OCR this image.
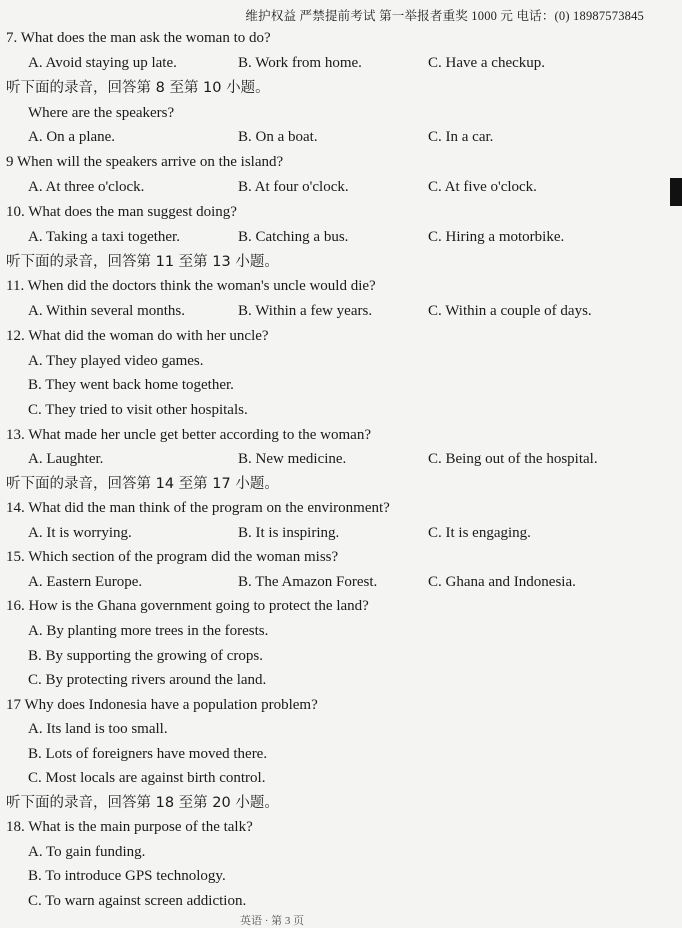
维护权益 严禁提前考试 第一举报者重奖 1000 元 电话：(0) 18987573845
7. What does the man ask the woman to do?
A. Avoid staying up late.	B. Work from home.	C. Have a checkup.
听下面的录音，回答第 8 至第 10 小题。
Where are the speakers?
A. On a plane.	B. On a boat.	C. In a car.
9 When will the speakers arrive on the island?
A. At three o'clock.	B. At four o'clock.	C. At five o'clock.
10. What does the man suggest doing?
A. Taking a taxi together.	B. Catching a bus.	C. Hiring a motorbike.
听下面的录音，回答第 11 至第 13 小题。
11. When did the doctors think the woman's uncle would die?
A. Within several months.	B. Within a few years.	C. Within a couple of days.
12. What did the woman do with her uncle?
A. They played video games.
B. They went back home together.
C. They tried to visit other hospitals.
13. What made her uncle get better according to the woman?
A. Laughter.	B. New medicine.	C. Being out of the hospital.
听下面的录音，回答第 14 至第 17 小题。
14. What did the man think of the program on the environment?
A. It is worrying.	B. It is inspiring.	C. It is engaging.
15. Which section of the program did the woman miss?
A. Eastern Europe.	B. The Amazon Forest.	C. Ghana and Indonesia.
16. How is the Ghana government going to protect the land?
A. By planting more trees in the forests.
B. By supporting the growing of crops.
C. By protecting rivers around the land.
17 Why does Indonesia have a population problem?
A. Its land is too small.
B. Lots of foreigners have moved there.
C. Most locals are against birth control.
听下面的录音，回答第 18 至第 20 小题。
18. What is the main purpose of the talk?
A. To gain funding.
B. To introduce GPS technology.
C. To warn against screen addiction.
英语 · 第 3 页
